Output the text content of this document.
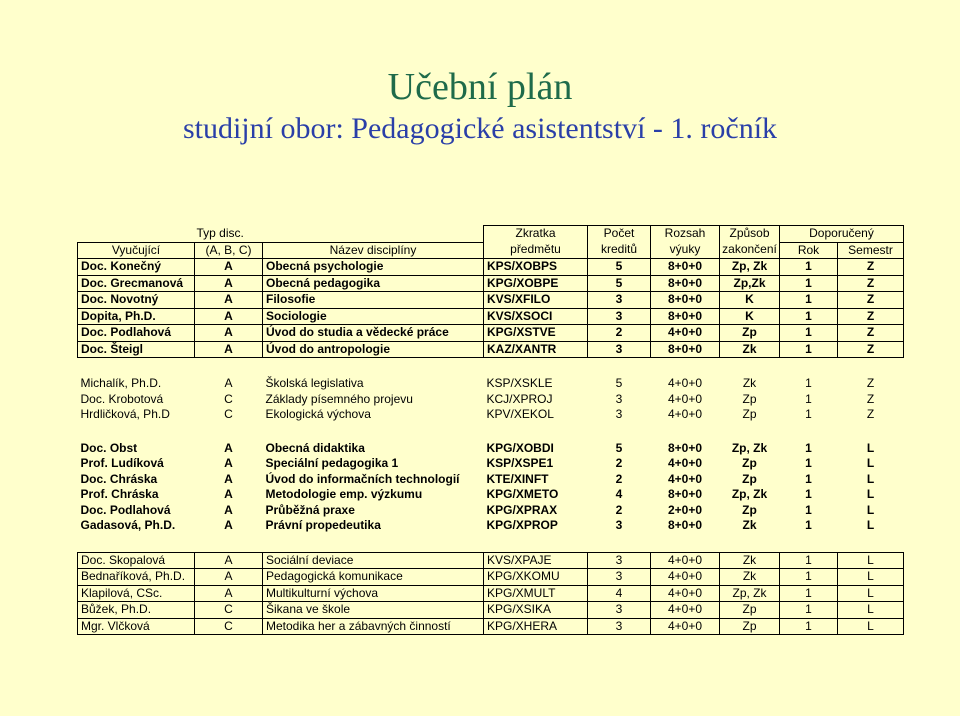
Učební plán
studijní obor: Pedagogické asistentství - 1. ročník
	Typ disc.		Zkratka	Počet	Rozsah	Způsob	Doporučený	
Vyučující	(A, B, C)	Název disciplíny	předmětu	kreditů	výuky	zakončení	Rok	Semestr
Doc. Konečný	A	Obecná psychologie	KPS/XOBPS	5	8+0+0	Zp, Zk	1	Z
Doc. Grecmanová	A	Obecná pedagogika	KPG/XOBPE	5	8+0+0	Zp,Zk	1	Z
Doc. Novotný	A	Filosofie	KVS/XFILO	3	8+0+0	K	1	Z
Dopita, Ph.D.	A	Sociologie	KVS/XSOCI	3	8+0+0	K	1	Z
Doc. Podlahová	A	Úvod do studia a vědecké práce	KPG/XSTVE	2	4+0+0	Zp	1	Z
Doc. Šteigl	A	Úvod do antropologie	KAZ/XANTR	3	8+0+0	Zk	1	Z

Michalík, Ph.D.	A	Školská legislativa	KSP/XSKLE	5	4+0+0	Zk	1	Z
Doc. Krobotová	C	Základy písemného projevu	KCJ/XPROJ	3	4+0+0	Zp	1	Z
Hrdličková, Ph.D	C	Ekologická výchova	KPV/XEKOL	3	4+0+0	Zp	1	Z

Doc. Obst	A	Obecná didaktika	KPG/XOBDI	5	8+0+0	Zp, Zk	1	L
Prof. Ludíková	A	Speciální pedagogika 1	KSP/XSPE1	2	4+0+0	Zp	1	L
Doc. Chráska	A	Úvod do informačních technologií	KTE/XINFT	2	4+0+0	Zp	1	L
Prof. Chráska	A	Metodologie emp. výzkumu	KPG/XMETO	4	8+0+0	Zp, Zk	1	L
Doc. Podlahová	A	Průběžná praxe	KPG/XPRAX	2	2+0+0	Zp	1	L
Gadasová, Ph.D.	A	Právní propedeutika	KPG/XPROP	3	8+0+0	Zk	1	L

Doc. Skopalová	A	Sociální deviace	KVS/XPAJE	3	4+0+0	Zk	1	L
Bednaříková, Ph.D.	A	Pedagogická komunikace	KPG/XKOMU	3	4+0+0	Zk	1	L
Klapilová, CSc.	A	Multikulturní výchova	KPG/XMULT	4	4+0+0	Zp, Zk	1	L
Bůžek, Ph.D.	C	Šikana ve škole	KPG/XSIKA	3	4+0+0	Zp	1	L
Mgr. Vlčková	C	Metodika her a zábavných činností	KPG/XHERA	3	4+0+0	Zp	1	L
